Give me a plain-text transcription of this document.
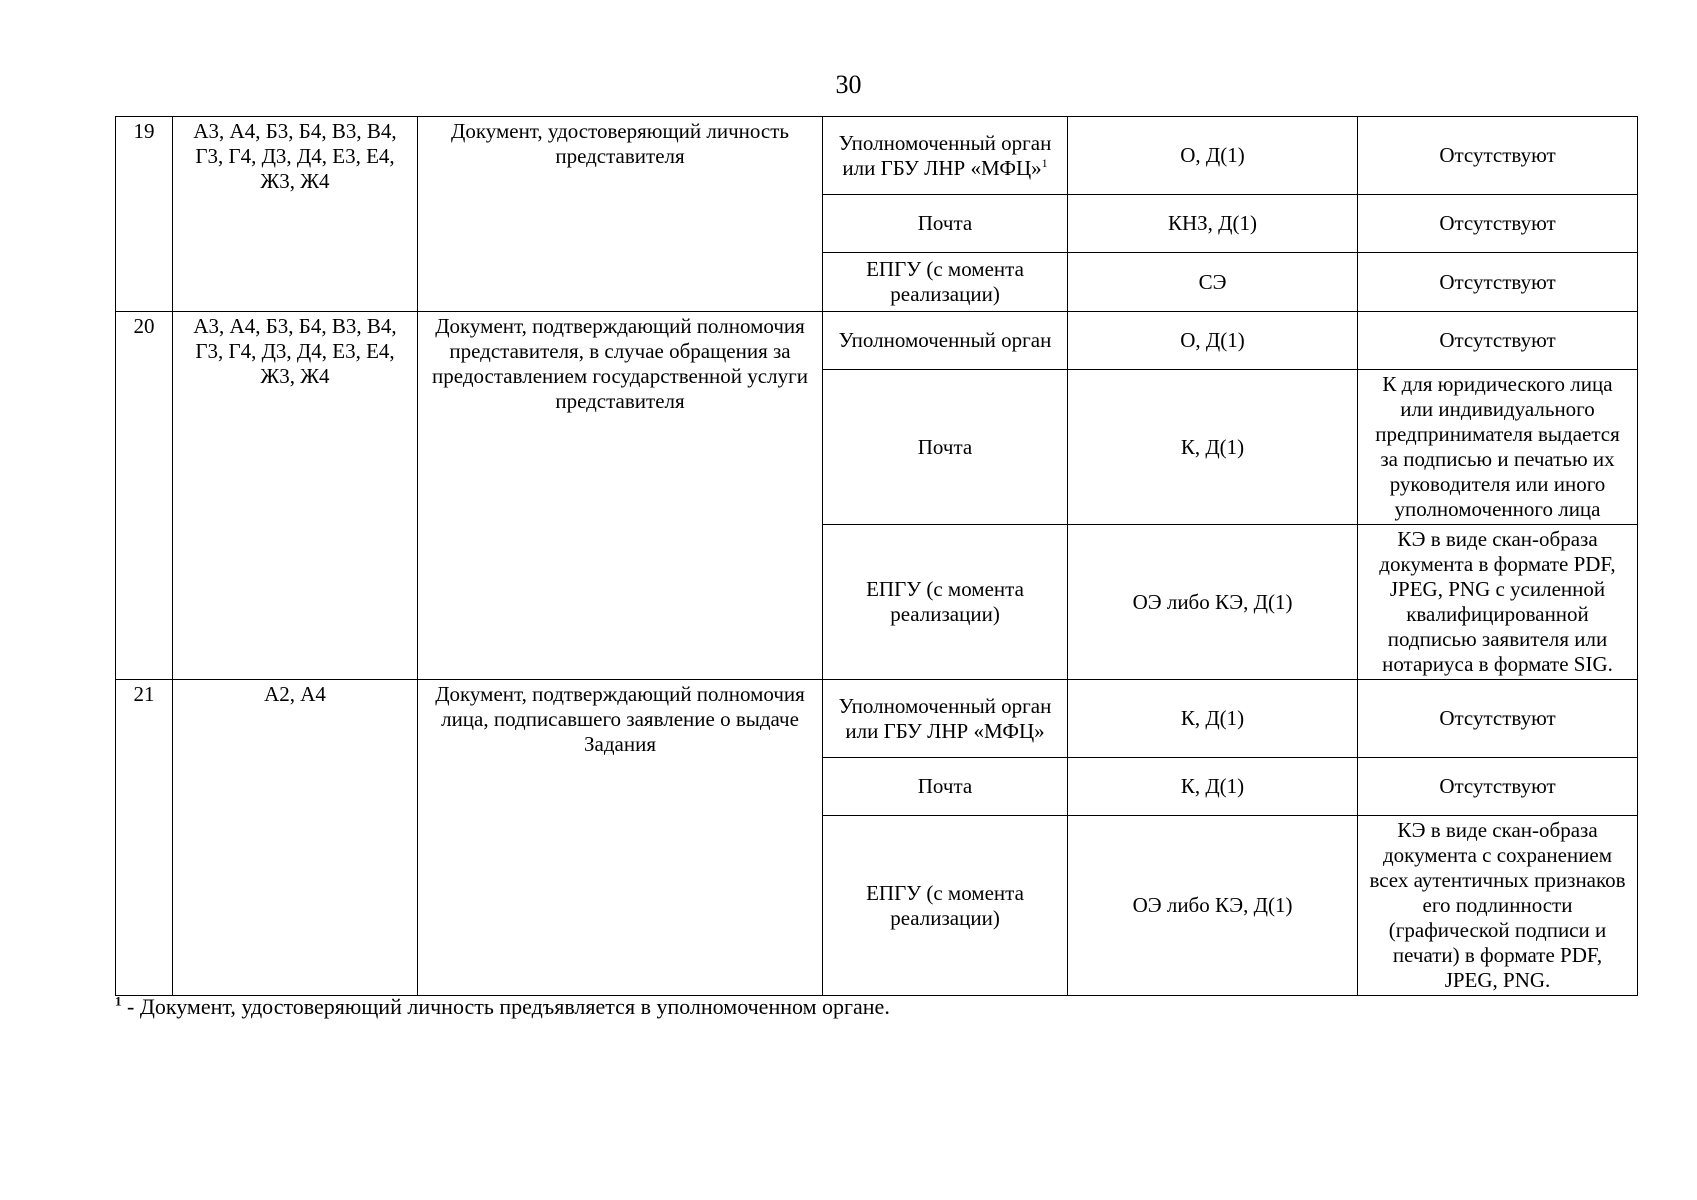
30
19	А3, А4, Б3, Б4, В3, В4, Г3, Г4, Д3, Д4, Е3, Е4, Ж3, Ж4	Документ, удостоверяющий личность представителя	Уполномоченный орган или ГБУ ЛНР «МФЦ»$^1$	О, Д(1)	Отсутствуют
			Почта	КНЗ, Д(1)	Отсутствуют
			ЕПГУ (с момента реализации)	СЭ	Отсутствуют
20	А3, А4, Б3, Б4, В3, В4, Г3, Г4, Д3, Д4, Е3, Е4, Ж3, Ж4	Документ, подтверждающий полномочия представителя, в случае обращения за предоставлением государственной услуги представителя	Уполномоченный орган	О, Д(1)	Отсутствуют
			Почта	К, Д(1)	К для юридического лица или индивидуального предпринимателя выдается за подписью и печатью их руководителя или иного уполномоченного лица
			ЕПГУ (с момента реализации)	ОЭ либо КЭ, Д(1)	КЭ в виде скан-образа документа в формате PDF, JPEG, PNG с усиленной квалифицированной подписью заявителя или нотариуса в формате SIG.
21	А2, А4	Документ, подтверждающий полномочия лица, подписавшего заявление о выдаче Задания	Уполномоченный орган или ГБУ ЛНР «МФЦ»	К, Д(1)	Отсутствуют
			Почта	К, Д(1)	Отсутствуют
			ЕПГУ (с момента реализации)	ОЭ либо КЭ, Д(1)	КЭ в виде скан-образа документа с сохранением всех аутентичных признаков его подлинности (графической подписи и печати) в формате PDF, JPEG, PNG.
$^1$ - Документ, удостоверяющий личность предъявляется в уполномоченном органе.
